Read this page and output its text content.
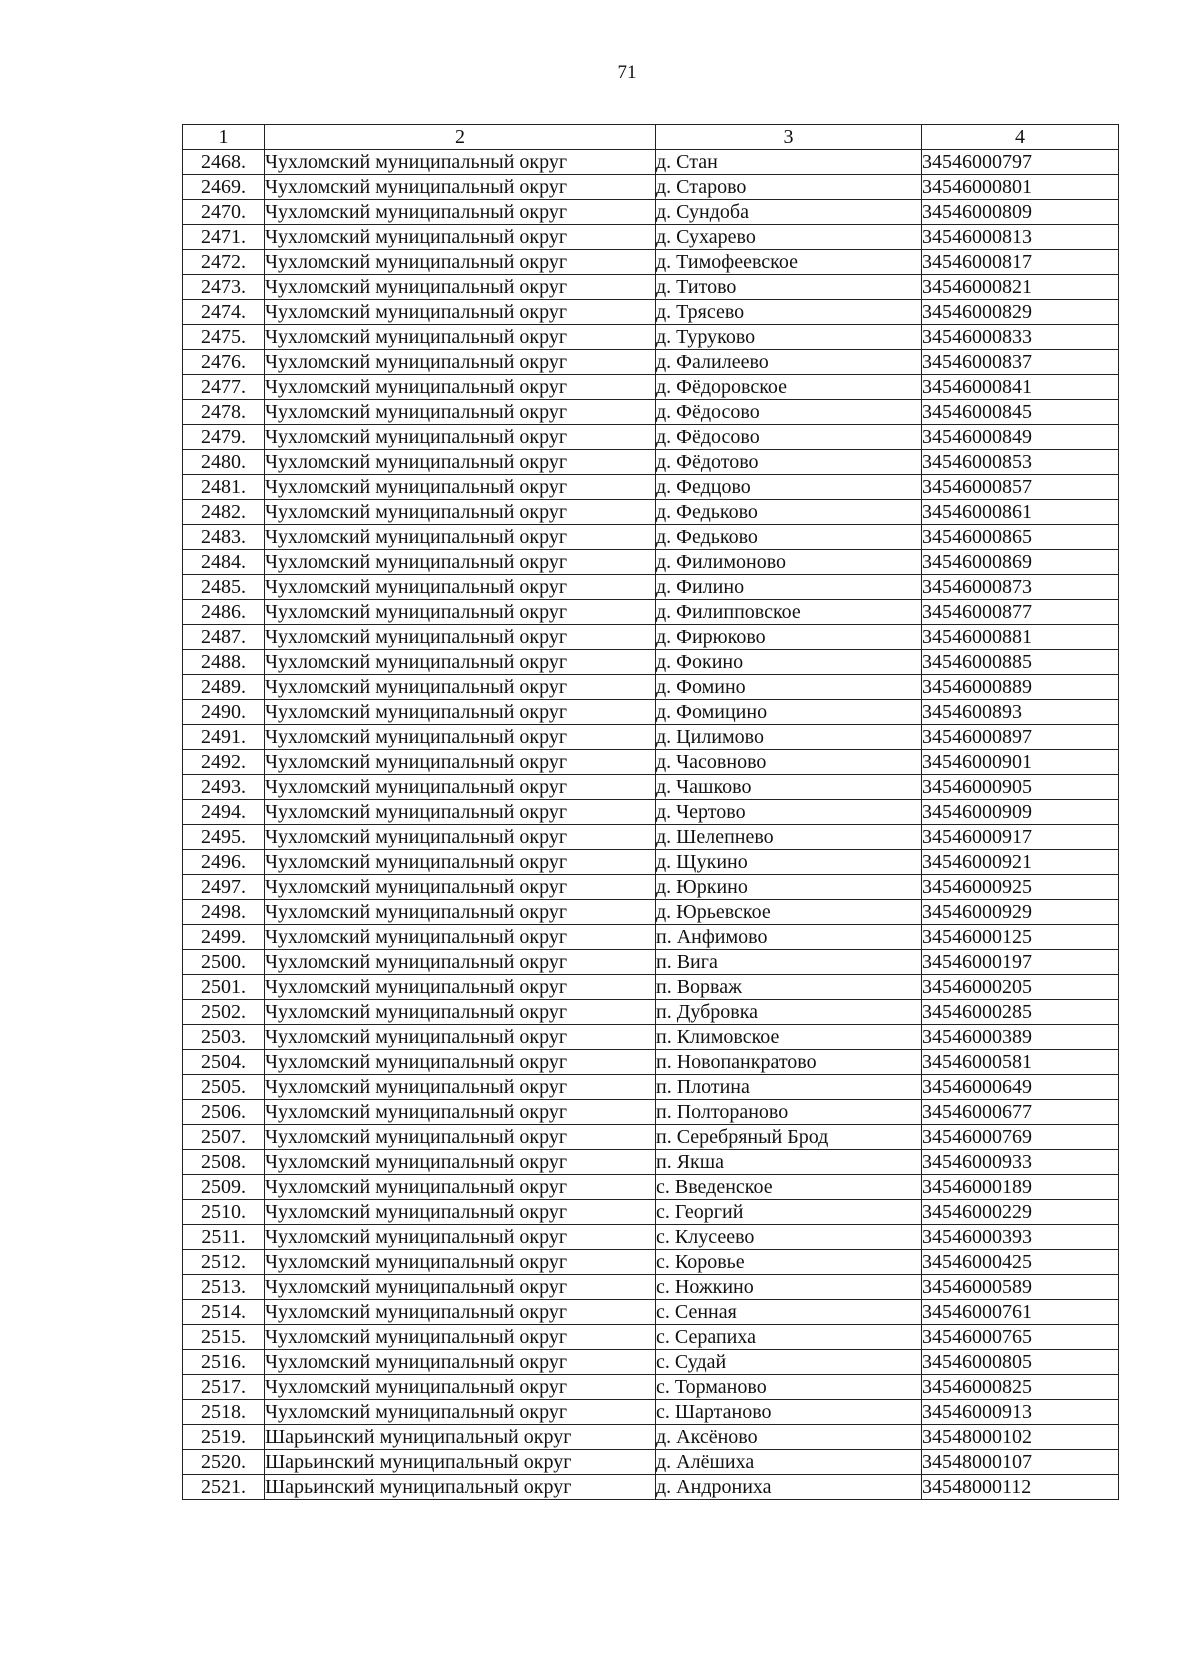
71
1	2	3	4
2468.	Чухломский муниципальный округ	д. Стан	34546000797
2469.	Чухломский муниципальный округ	д. Старово	34546000801
2470.	Чухломский муниципальный округ	д. Сундоба	34546000809
2471.	Чухломский муниципальный округ	д. Сухарево	34546000813
2472.	Чухломский муниципальный округ	д. Тимофеевское	34546000817
2473.	Чухломский муниципальный округ	д. Титово	34546000821
2474.	Чухломский муниципальный округ	д. Трясево	34546000829
2475.	Чухломский муниципальный округ	д. Туруково	34546000833
2476.	Чухломский муниципальный округ	д. Фалилеево	34546000837
2477.	Чухломский муниципальный округ	д. Фёдоровское	34546000841
2478.	Чухломский муниципальный округ	д. Фёдосово	34546000845
2479.	Чухломский муниципальный округ	д. Фёдосово	34546000849
2480.	Чухломский муниципальный округ	д. Фёдотово	34546000853
2481.	Чухломский муниципальный округ	д. Федцово	34546000857
2482.	Чухломский муниципальный округ	д. Федьково	34546000861
2483.	Чухломский муниципальный округ	д. Федьково	34546000865
2484.	Чухломский муниципальный округ	д. Филимоново	34546000869
2485.	Чухломский муниципальный округ	д. Филино	34546000873
2486.	Чухломский муниципальный округ	д. Филипповское	34546000877
2487.	Чухломский муниципальный округ	д. Фирюково	34546000881
2488.	Чухломский муниципальный округ	д. Фокино	34546000885
2489.	Чухломский муниципальный округ	д. Фомино	34546000889
2490.	Чухломский муниципальный округ	д. Фомицино	3454600893
2491.	Чухломский муниципальный округ	д. Цилимово	34546000897
2492.	Чухломский муниципальный округ	д. Часовново	34546000901
2493.	Чухломский муниципальный округ	д. Чашково	34546000905
2494.	Чухломский муниципальный округ	д. Чертово	34546000909
2495.	Чухломский муниципальный округ	д. Шелепнево	34546000917
2496.	Чухломский муниципальный округ	д. Щукино	34546000921
2497.	Чухломский муниципальный округ	д. Юркино	34546000925
2498.	Чухломский муниципальный округ	д. Юрьевское	34546000929
2499.	Чухломский муниципальный округ	п. Анфимово	34546000125
2500.	Чухломский муниципальный округ	п. Вига	34546000197
2501.	Чухломский муниципальный округ	п. Ворваж	34546000205
2502.	Чухломский муниципальный округ	п. Дубровка	34546000285
2503.	Чухломский муниципальный округ	п. Климовское	34546000389
2504.	Чухломский муниципальный округ	п. Новопанкратово	34546000581
2505.	Чухломский муниципальный округ	п. Плотина	34546000649
2506.	Чухломский муниципальный округ	п. Полтораново	34546000677
2507.	Чухломский муниципальный округ	п. Серебряный Брод	34546000769
2508.	Чухломский муниципальный округ	п. Якша	34546000933
2509.	Чухломский муниципальный округ	с. Введенское	34546000189
2510.	Чухломский муниципальный округ	с. Георгий	34546000229
2511.	Чухломский муниципальный округ	с. Клусеево	34546000393
2512.	Чухломский муниципальный округ	с. Коровье	34546000425
2513.	Чухломский муниципальный округ	с. Ножкино	34546000589
2514.	Чухломский муниципальный округ	с. Сенная	34546000761
2515.	Чухломский муниципальный округ	с. Серапиха	34546000765
2516.	Чухломский муниципальный округ	с. Судай	34546000805
2517.	Чухломский муниципальный округ	с. Торманово	34546000825
2518.	Чухломский муниципальный округ	с. Шартаново	34546000913
2519.	Шарьинский муниципальный округ	д. Аксёново	34548000102
2520.	Шарьинский муниципальный округ	д. Алёшиха	34548000107
2521.	Шарьинский муниципальный округ	д. Андрониха	34548000112
